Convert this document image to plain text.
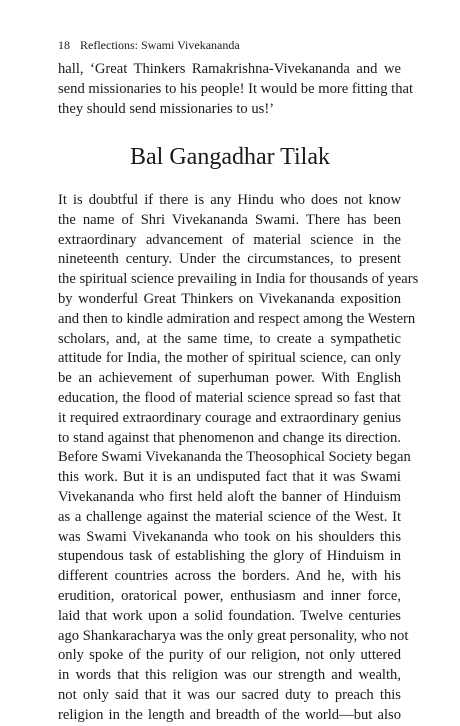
18 Reflections: Swami Vivekananda
hall, ‘Great Thinkers Ramakrishna-Vivekananda and we
send missionaries to his people! It would be more fitting that
they should send missionaries to us!’
Bal Gangadhar Tilak
It is doubtful if there is any Hindu who does not know
the name of Shri Vivekananda Swami. There has been
extraordinary advancement of material science in the
nineteenth century. Under the circumstances, to present
the spiritual science prevailing in India for thousands of years
by wonderful Great Thinkers on Vivekananda exposition
and then to kindle admiration and respect among the Western
scholars, and, at the same time, to create a sympathetic
attitude for India, the mother of spiritual science, can only
be an achievement of superhuman power. With English
education, the flood of material science spread so fast that
it required extraordinary courage and extraordinary genius
to stand against that phenomenon and change its direction.
Before Swami Vivekananda the Theosophical Society began
this work. But it is an undisputed fact that it was Swami
Vivekananda who first held aloft the banner of Hinduism
as a challenge against the material science of the West. It
was Swami Vivekananda who took on his shoulders this
stupendous task of establishing the glory of Hinduism in
different countries across the borders. And he, with his
erudition, oratorical power, enthusiasm and inner force,
laid that work upon a solid foundation. Twelve centuries
ago Shankaracharya was the only great personality, who not
only spoke of the purity of our religion, not only uttered
in words that this religion was our strength and wealth,
not only said that it was our sacred duty to preach this
religion in the length and breadth of the world—but also
